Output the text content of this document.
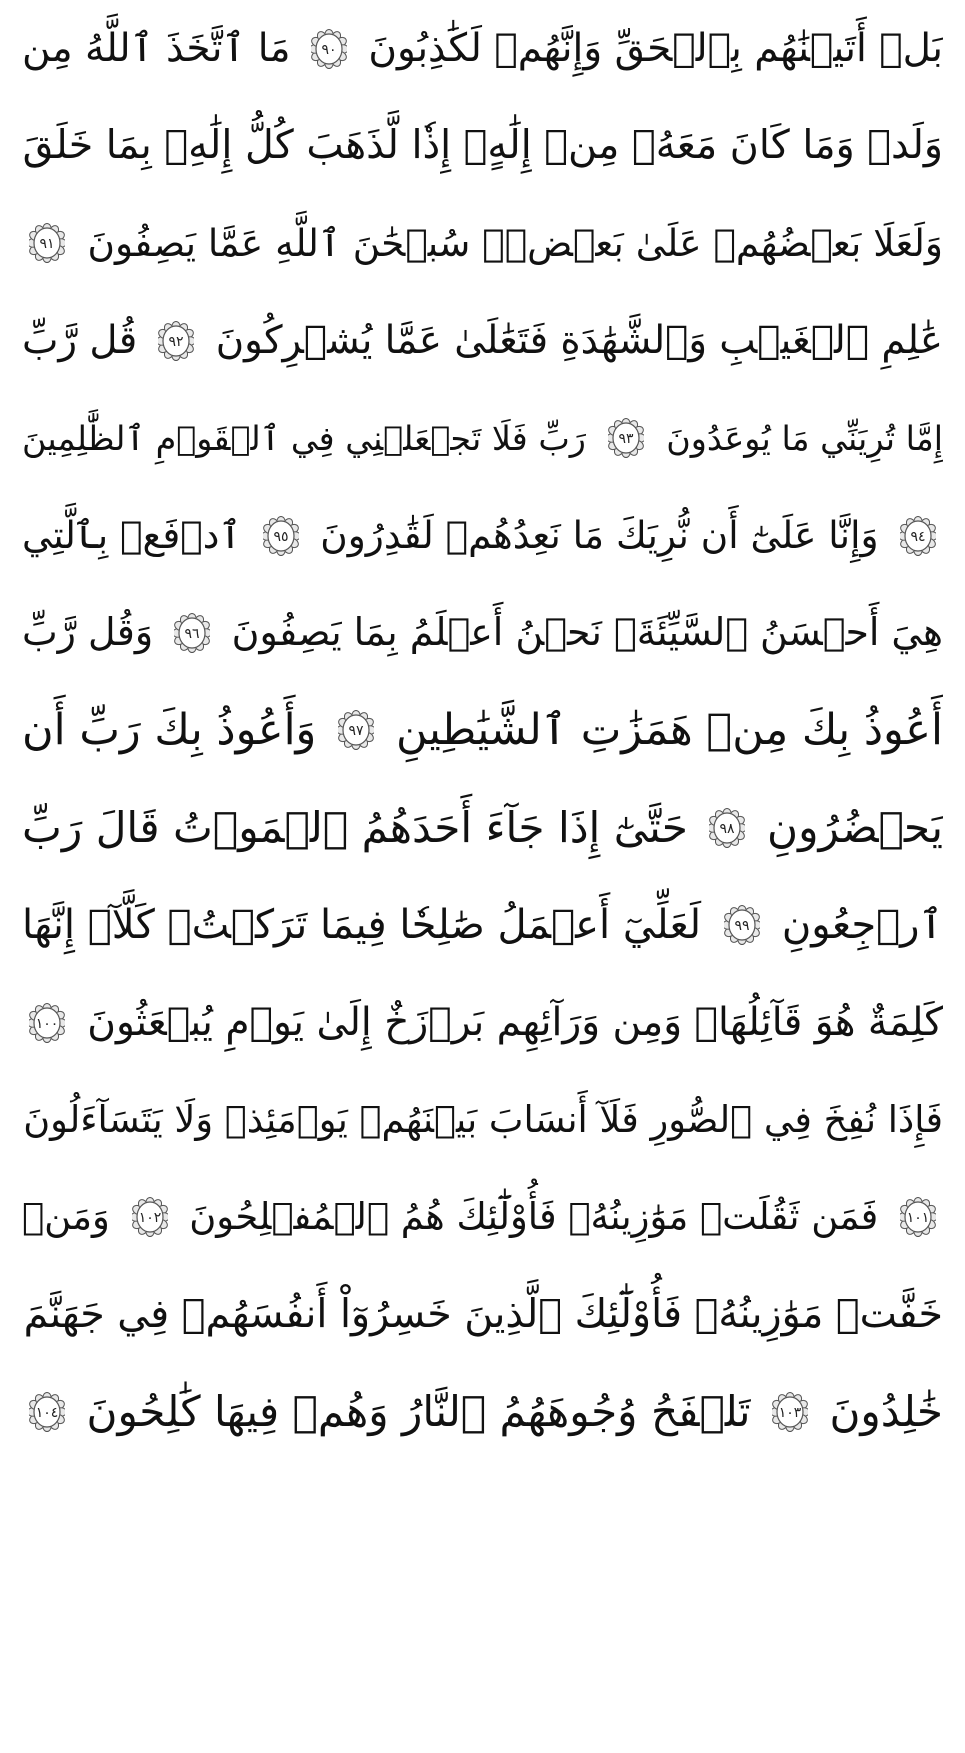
بَلۡ أَتَيۡنَٰهُم بِٱلۡحَقِّ وَإِنَّهُمۡ لَكَٰذِبُونَ
٩٠
مَا ٱتَّخَذَ ٱللَّهُ مِن
وَلَدٖ وَمَا كَانَ مَعَهُۥ مِنۡ إِلَٰهٍۚ إِذٗا لَّذَهَبَ كُلُّ إِلَٰهِۭ بِمَا خَلَقَ
وَلَعَلَا بَعۡضُهُمۡ عَلَىٰ بَعۡضٖۚ سُبۡحَٰنَ ٱللَّهِ عَمَّا يَصِفُونَ
٩١
عَٰلِمِ ٱلۡغَيۡبِ وَٱلشَّهَٰدَةِ فَتَعَٰلَىٰ عَمَّا يُشۡرِكُونَ
٩٢
قُل رَّبِّ
إِمَّا تُرِيَنِّي مَا يُوعَدُونَ
٩٣
رَبِّ فَلَا تَجۡعَلۡنِي فِي ٱلۡقَوۡمِ ٱلظَّٰلِمِينَ
٩٤
وَإِنَّا عَلَىٰٓ أَن نُّرِيَكَ مَا نَعِدُهُمۡ لَقَٰدِرُونَ
٩٥
ٱدۡفَعۡ بِٱلَّتِي
هِيَ أَحۡسَنُ ٱلسَّيِّئَةَۚ نَحۡنُ أَعۡلَمُ بِمَا يَصِفُونَ
٩٦
وَقُل رَّبِّ
أَعُوذُ بِكَ مِنۡ هَمَزَٰتِ ٱلشَّيَٰطِينِ
٩٧
وَأَعُوذُ بِكَ رَبِّ أَن
يَحۡضُرُونِ
٩٨
حَتَّىٰٓ إِذَا جَآءَ أَحَدَهُمُ ٱلۡمَوۡتُ قَالَ رَبِّ
ٱرۡجِعُونِ
٩٩
لَعَلِّيٓ أَعۡمَلُ صَٰلِحٗا فِيمَا تَرَكۡتُۚ كَلَّآۚ إِنَّهَا
كَلِمَةٌ هُوَ قَآئِلُهَاۖ وَمِن وَرَآئِهِم بَرۡزَخٌ إِلَىٰ يَوۡمِ يُبۡعَثُونَ
١٠٠
فَإِذَا نُفِخَ فِي ٱلصُّورِ فَلَآ أَنسَابَ بَيۡنَهُمۡ يَوۡمَئِذٖ وَلَا يَتَسَآءَلُونَ
١٠١
فَمَن ثَقُلَتۡ مَوَٰزِينُهُۥ فَأُوْلَٰٓئِكَ هُمُ ٱلۡمُفۡلِحُونَ
١٠٢
وَمَنۡ
خَفَّتۡ مَوَٰزِينُهُۥ فَأُوْلَٰٓئِكَ ٱلَّذِينَ خَسِرُوٓاْ أَنفُسَهُمۡ فِي جَهَنَّمَ
خَٰلِدُونَ
١٠٣
تَلۡفَحُ وُجُوهَهُمُ ٱلنَّارُ وَهُمۡ فِيهَا كَٰلِحُونَ
١٠٤
